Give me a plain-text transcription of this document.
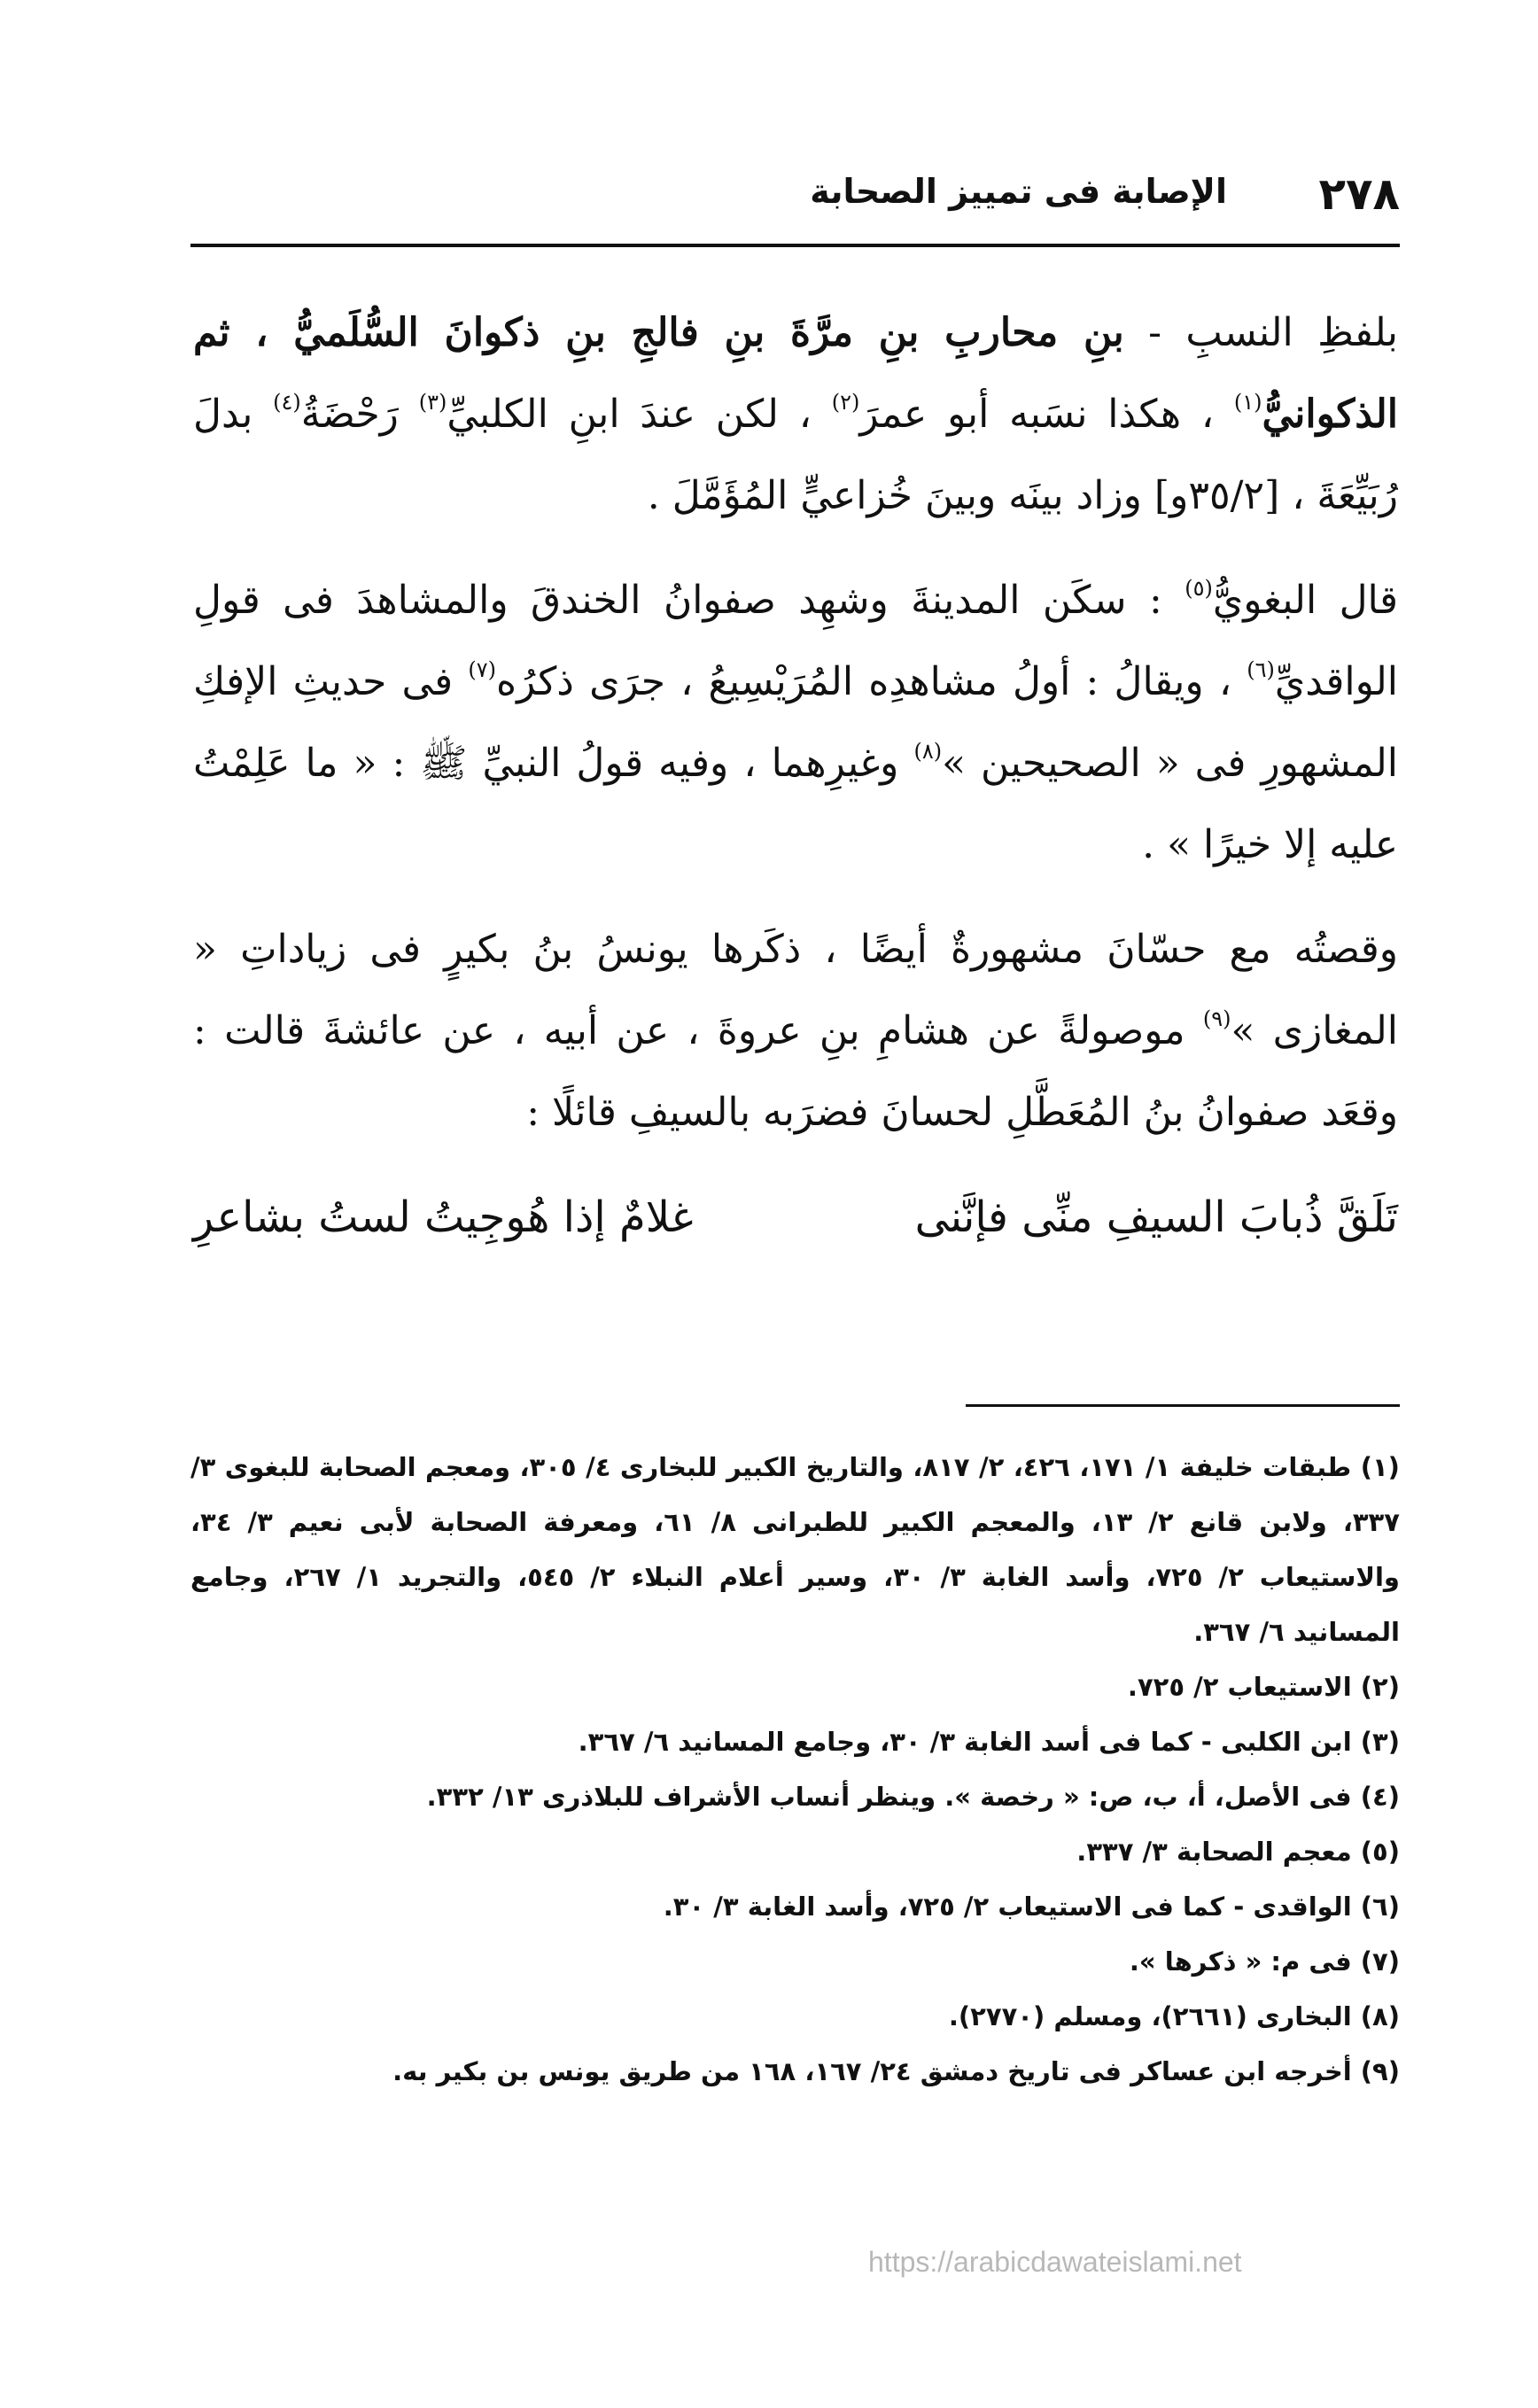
٢٧٨
الإصابة فى تمييز الصحابة

بلفظِ النسبِ - بنِ محاربِ بنِ مرَّةَ بنِ فالجِ بنِ ذكوانَ السُّلَميُّ ، ثم الذكوانيُّ$^{(١)}$ ، هكذا نسَبه أبو عمرَ$^{(٢)}$ ، لكن عندَ ابنِ الكلبيِّ$^{(٣)}$ رَحْضَةُ$^{(٤)}$ بدلَ رُبَيِّعَةَ ، [٣٥/٢و] وزاد بينَه وبينَ خُزاعيٍّ المُؤَمَّلَ .

قال البغويُّ$^{(٥)}$ : سكَن المدينةَ وشهِد صفوانُ الخندقَ والمشاهدَ فى قولِ الواقديِّ$^{(٦)}$ ، ويقالُ : أولُ مشاهدِه المُرَيْسِيعُ ، جرَى ذكرُه$^{(٧)}$ فى حديثِ الإفكِ المشهورِ فى « الصحيحين »$^{(٨)}$ وغيرِهما ، وفيه قولُ النبيِّ ﷺ : « ما عَلِمْتُ عليه إلا خيرًا » .

وقصتُه مع حسّانَ مشهورةٌ أيضًا ، ذكَرها يونسُ بنُ بكيرٍ فى زياداتِ « المغازى »$^{(٩)}$ موصولةً عن هشامِ بنِ عروةَ ، عن أبيه ، عن عائشةَ قالت : وقعَد صفوانُ بنُ المُعَطَّلِ لحسانَ فضرَبه بالسيفِ قائلًا :

تَلَقَّ ذُبابَ السيفِ منِّى فإنَّنى
غلامٌ إذا هُوجِيتُ لستُ بشاعرِ

(١) طبقات خليفة ١/ ١٧١، ٤٢٦، ٢/ ٨١٧، والتاريخ الكبير للبخارى ٤/ ٣٠٥، ومعجم الصحابة للبغوى ٣/ ٣٣٧، ولابن قانع ٢/ ١٣، والمعجم الكبير للطبرانى ٨/ ٦١، ومعرفة الصحابة لأبى نعيم ٣/ ٣٤، والاستيعاب ٢/ ٧٢٥، وأسد الغابة ٣/ ٣٠، وسير أعلام النبلاء ٢/ ٥٤٥، والتجريد ١/ ٢٦٧، وجامع المسانيد ٦/ ٣٦٧.

(٢) الاستيعاب ٢/ ٧٢٥.

(٣) ابن الكلبى - كما فى أسد الغابة ٣/ ٣٠، وجامع المسانيد ٦/ ٣٦٧.

(٤) فى الأصل، أ، ب، ص: « رخصة ». وينظر أنساب الأشراف للبلاذرى ١٣/ ٣٣٢.

(٥) معجم الصحابة ٣/ ٣٣٧.

(٦) الواقدى - كما فى الاستيعاب ٢/ ٧٢٥، وأسد الغابة ٣/ ٣٠.

(٧) فى م: « ذكرها ».

(٨) البخارى (٢٦٦١)، ومسلم (٢٧٧٠).

(٩) أخرجه ابن عساكر فى تاريخ دمشق ٢٤/ ١٦٧، ١٦٨ من طريق يونس بن بكير به.

https://arabicdawateislami.net
